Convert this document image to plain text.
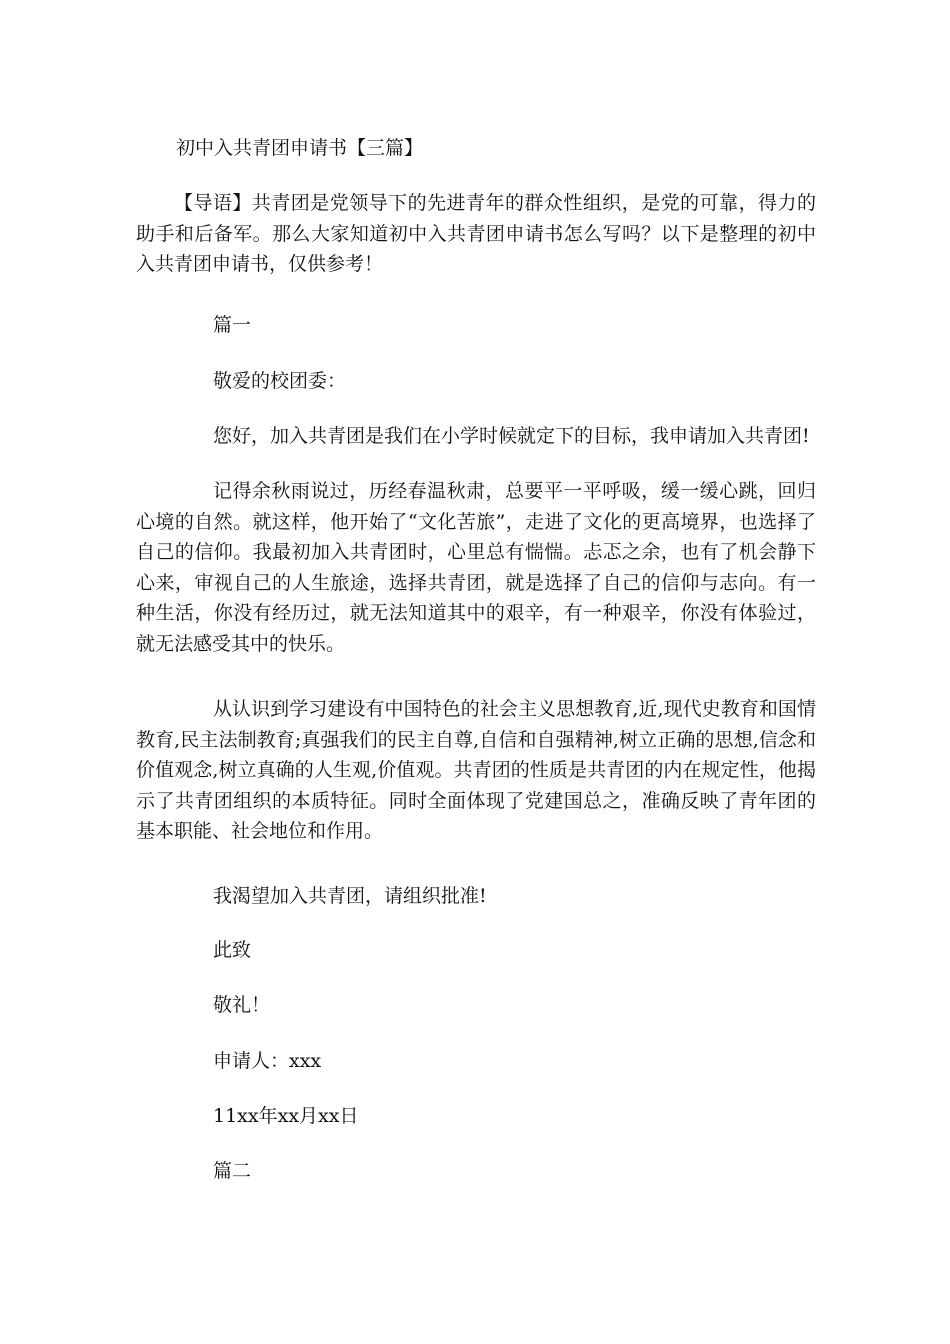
初中入共青团申请书【三篇】
【导语】共青团是党领导下的先进青年的群众性组织，是党的可靠，得力的助手和后备军。那么大家知道初中入共青团申请书怎么写吗？以下是整理的初中入共青团申请书，仅供参考！
篇一
敬爱的校团委：
您好，加入共青团是我们在小学时候就定下的目标，我申请加入共青团!
记得余秋雨说过，历经春温秋肃，总要平一平呼吸，缓一缓心跳，回归心境的自然。就这样，他开始了“文化苦旅”，走进了文化的更高境界，也选择了自己的信仰。我最初加入共青团时，心里总有惴惴。忐忑之余，也有了机会静下心来，审视自己的人生旅途，选择共青团，就是选择了自己的信仰与志向。有一种生活，你没有经历过，就无法知道其中的艰辛，有一种艰辛，你没有体验过，就无法感受其中的快乐。
从认识到学习建设有中国特色的社会主义思想教育,近,现代史教育和国情教育,民主法制教育;真强我们的民主自尊,自信和自强精神,树立正确的思想,信念和价值观念,树立真确的人生观,价值观。共青团的性质是共青团的内在规定性，他揭示了共青团组织的本质特征。同时全面体现了党建国总之，准确反映了青年团的基本职能、社会地位和作用。
我渴望加入共青团，请组织批准!
此致
敬礼！
申请人：xxx
11xx年xx月xx日
篇二
